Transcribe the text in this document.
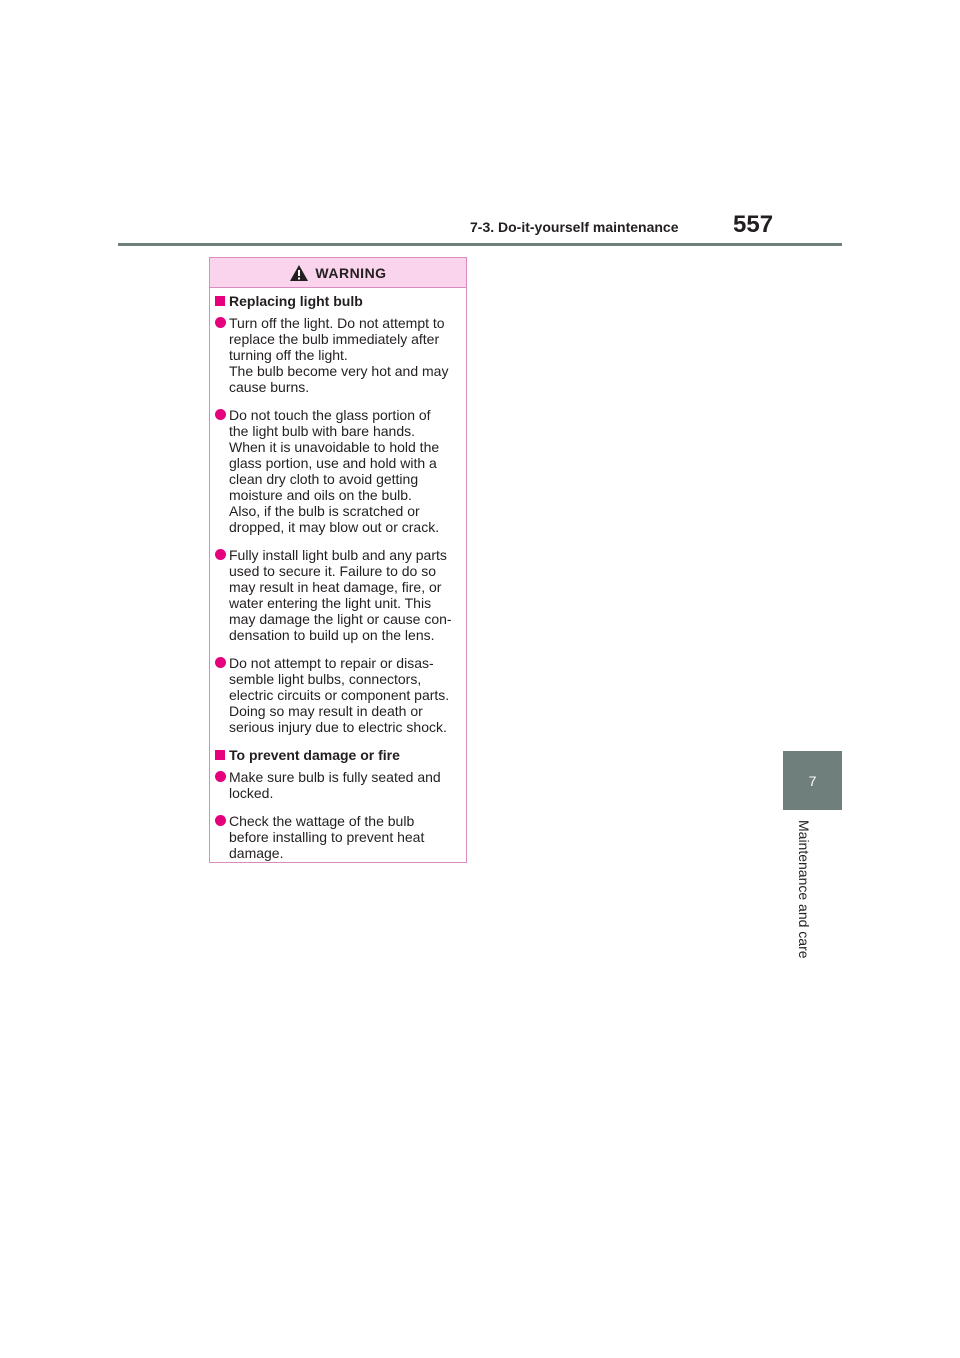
7-3. Do-it-yourself maintenance 557
7
Maintenance and care
WARNING
Replacing light bulb
Turn off the light. Do not attempt to
replace the bulb immediately after
turning off the light.
The bulb become very hot and may
cause burns.
Do not touch the glass portion of
the light bulb with bare hands.
When it is unavoidable to hold the
glass portion, use and hold with a
clean dry cloth to avoid getting
moisture and oils on the bulb.
Also, if the bulb is scratched or
dropped, it may blow out or crack.
Fully install light bulb and any parts
used to secure it. Failure to do so
may result in heat damage, fire, or
water entering the light unit. This
may damage the light or cause con-
densation to build up on the lens.
Do not attempt to repair or disas-
semble light bulbs, connectors,
electric circuits or component parts.
Doing so may result in death or
serious injury due to electric shock.
To prevent damage or fire
Make sure bulb is fully seated and
locked.
Check the wattage of the bulb
before installing to prevent heat
damage.
